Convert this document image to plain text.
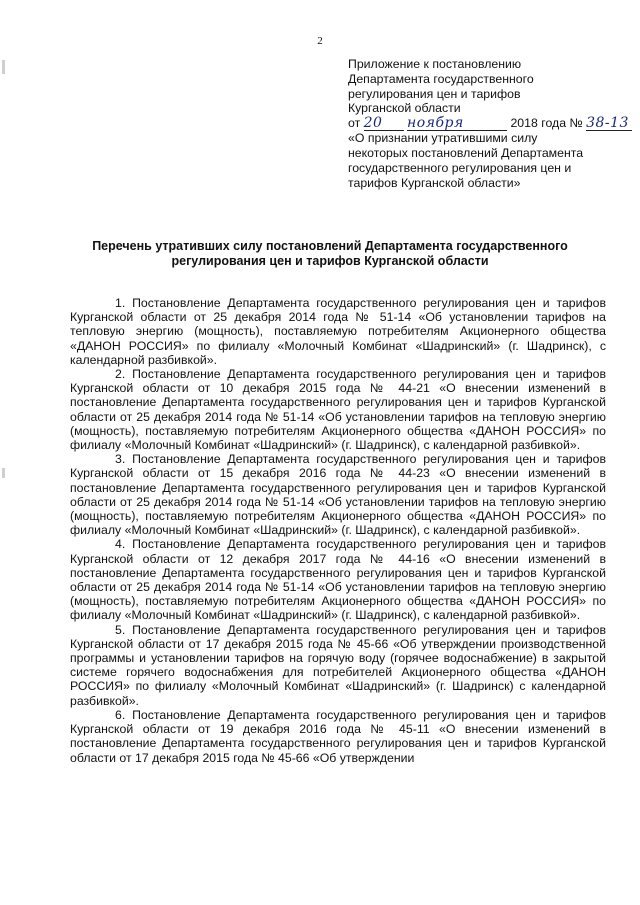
2
Приложение к постановлению
Департамента государственного
регулирования цен и тарифов
Курганской области
от 20 ноября	2018 года № 38-13
«О признании утратившими силу
некоторых постановлений Департамента
государственного регулирования цен и
тарифов Курганской области»
Перечень утративших силу постановлений Департамента государственного регулирования цен и тарифов Курганской области

1. Постановление Департамента государственного регулирования цен и тарифов Курганской области от 25 декабря 2014 года № 51-14 «Об установлении тарифов на тепловую энергию (мощность), поставляемую потребителям Акционерного общества «ДАНОН РОССИЯ» по филиалу «Молочный Комбинат «Шадринский» (г. Шадринск), с календарной разбивкой».

2. Постановление Департамента государственного регулирования цен и тарифов Курганской области от 10 декабря 2015 года № 44-21 «О внесении изменений в постановление Департамента государственного регулирования цен и тарифов Курганской области от 25 декабря 2014 года № 51-14 «Об установлении тарифов на тепловую энергию (мощность), поставляемую потребителям Акционерного общества «ДАНОН РОССИЯ» по филиалу «Молочный Комбинат «Шадринский» (г. Шадринск), с календарной разбивкой».

3. Постановление Департамента государственного регулирования цен и тарифов Курганской области от 15 декабря 2016 года № 44-23 «О внесении изменений в постановление Департамента государственного регулирования цен и тарифов Курганской области от 25 декабря 2014 года № 51-14 «Об установлении тарифов на тепловую энергию (мощность), поставляемую потребителям Акционерного общества «ДАНОН РОССИЯ» по филиалу «Молочный Комбинат «Шадринский» (г. Шадринск), с календарной разбивкой».

4. Постановление Департамента государственного регулирования цен и тарифов Курганской области от 12 декабря 2017 года № 44-16 «О внесении изменений в постановление Департамента государственного регулирования цен и тарифов Курганской области от 25 декабря 2014 года № 51-14 «Об установлении тарифов на тепловую энергию (мощность), поставляемую потребителям Акционерного общества «ДАНОН РОССИЯ» по филиалу «Молочный Комбинат «Шадринский» (г. Шадринск), с календарной разбивкой».

5. Постановление Департамента государственного регулирования цен и тарифов Курганской области от 17 декабря 2015 года № 45-66 «Об утверждении производственной программы и установлении тарифов на горячую воду (горячее водоснабжение) в закрытой системе горячего водоснабжения для потребителей Акционерного общества «ДАНОН РОССИЯ» по филиалу «Молочный Комбинат «Шадринский» (г. Шадринск) с календарной разбивкой».

6. Постановление Департамента государственного регулирования цен и тарифов Курганской области от 19 декабря 2016 года № 45-11 «О внесении изменений в постановление Департамента государственного регулирования цен и тарифов Курганской области от 17 декабря 2015 года № 45-66 «Об утверждении
